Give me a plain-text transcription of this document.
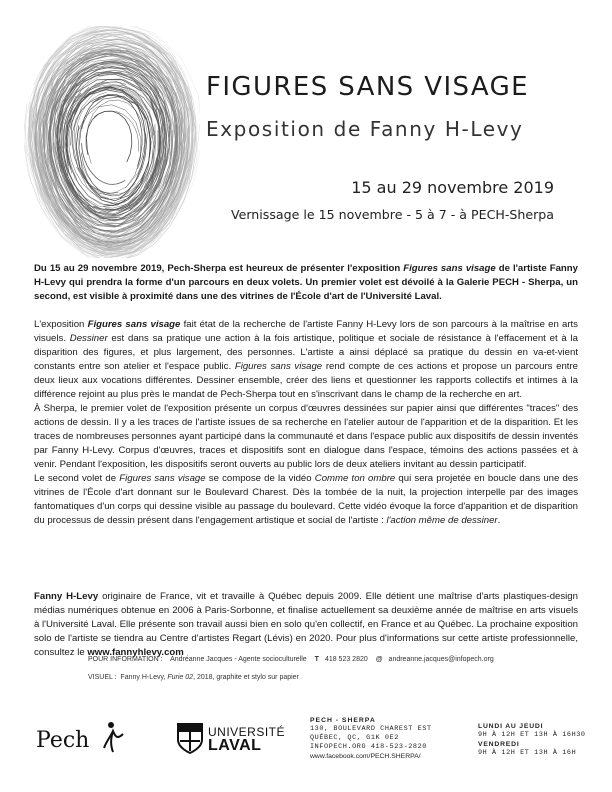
FIGURES SANS VISAGE
Exposition de Fanny H-Levy
15 au 29 novembre 2019
Vernissage le 15 novembre - 5 à 7 - à PECH-Sherpa
Du 15 au 29 novembre 2019, Pech-Sherpa est heureux de présenter l'exposition Figures sans visage de l'artiste Fanny H-Levy qui prendra la forme d'un parcours en deux volets. Un premier volet est dévoilé à la Galerie PECH - Sherpa, un second, est visible à proximité dans une des vitrines de l'École d'art de l'Université Laval.

L'exposition Figures sans visage fait état de la recherche de l'artiste Fanny H-Levy lors de son parcours à la maîtrise en arts visuels. Dessiner est dans sa pratique une action à la fois artistique, politique et sociale de résistance à l'effacement et à la disparition des figures, et plus largement, des personnes. L'artiste a ainsi déplacé sa pratique du dessin en va-et-vient constants entre son atelier et l'espace public. Figures sans visage rend compte de ces actions et propose un parcours entre deux lieux aux vocations différentes. Dessiner ensemble, créer des liens et questionner les rapports collectifs et intimes à la différence rejoint au plus près le mandat de Pech-Sherpa tout en s'inscrivant dans le champ de la recherche en art.

À Sherpa, le premier volet de l'exposition présente un corpus d'œuvres dessinées sur papier ainsi que différentes "traces" des actions de dessin. Il y a les traces de l'artiste issues de sa recherche en l'atelier autour de l'apparition et de la disparition. Et les traces de nombreuses personnes ayant participé dans la communauté et dans l'espace public aux dispositifs de dessin inventés par Fanny H-Levy. Corpus d'œuvres, traces et dispositifs sont en dialogue dans l'espace, témoins des actions passées et à venir. Pendant l'exposition, les dispositifs seront ouverts au public lors de deux ateliers invitant au dessin participatif.

Le second volet de Figures sans visage se compose de la vidéo Comme ton ombre qui sera projetée en boucle dans une des vitrines de l'École d'art donnant sur le Boulevard Charest. Dès la tombée de la nuit, la projection interpelle par des images fantomatiques d'un corps qui dessine visible au passage du boulevard. Cette vidéo évoque la force d'apparition et de disparition du processus de dessin présent dans l'engagement artistique et social de l'artiste : l'action même de dessiner.

Fanny H-Levy originaire de France, vit et travaille à Québec depuis 2009. Elle détient une maîtrise d'arts plastiques-design médias numériques obtenue en 2006 à Paris-Sorbonne, et finalise actuellement sa deuxième année de maîtrise en arts visuels à l'Université Laval. Elle présente son travail aussi bien en solo qu'en collectif, en France et au Québec. La prochaine exposition solo de l'artiste se tiendra au Centre d'artistes Regart (Lévis) en 2020. Pour plus d'informations sur cette artiste professionnelle, consultez le www.fannyhlevy.com
POUR INFORMATION : Andréanne Jacques - Agente socioculturelle T 418 523 2820 @ andreanne.jacques@infopech.org
VISUEL : Fanny H-Levy, Furie 02, 2018, graphite et stylo sur papier
Pech	UNIVERSITÉ
LAVAL
PECH - SHERPA
130, BOULEVARD CHAREST EST
QUÉBEC, QC, G1K 0E2
INFOPECH.ORG 418-523-2820
www.facebook.com/PECH.SHERPA/
LUNDI AU JEUDI
9H À 12H ET 13H À 16H30
VENDREDI
9H À 12H ET 13H À 16H
